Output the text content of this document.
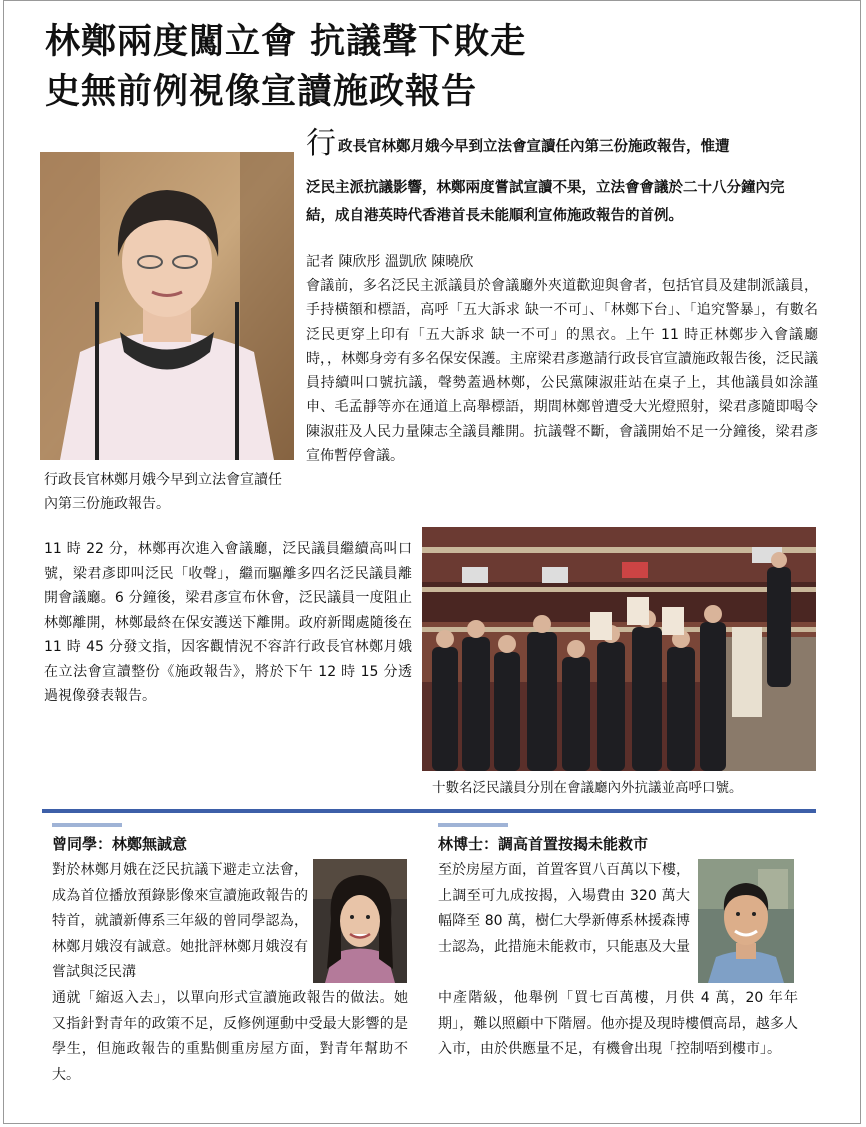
林鄭兩度闖立會 抗議聲下敗走
史無前例視像宣讀施政報告

行政長官林鄭月娥今早到立法會宣讀任內第三份施政報告，惟遭

泛民主派抗議影響，林鄭兩度嘗試宣讀不果，立法會會議於二十八分鐘內完結，成自港英時代香港首長未能順利宣佈施政報告的首例。

記者 陳欣彤 溫凱欣 陳曉欣

會議前，多名泛民主派議員於會議廳外夾道歡迎與會者，包括官員及建制派議員，手持橫額和標語，高呼「五大訴求 缺一不可」、「林鄭下台」、「追究警暴」，有數名泛民更穿上印有「五大訴求 缺一不可」的黑衣。上午 11 時正林鄭步入會議廳時，，林鄭身旁有多名保安保護。主席梁君彥邀請行政長官宣讀施政報告後，泛民議員持續叫口號抗議，聲勢蓋過林鄭，公民黨陳淑莊站在桌子上，其他議員如涂謹申、毛孟靜等亦在通道上高舉標語，期間林鄭曾遭受大光燈照射，梁君彥隨即喝令陳淑莊及人民力量陳志全議員離開。抗議聲不斷，會議開始不足一分鐘後，梁君彥宣佈暫停會議。

行政長官林鄭月娥今早到立法會宣讀任內第三份施政報告。

11 時 22 分，林鄭再次進入會議廳，泛民議員繼續高叫口號，梁君彥即叫泛民「收聲」，繼而驅離多四名泛民議員離開會議廳。6 分鐘後，梁君彥宣布休會，泛民議員一度阻止林鄭離開，林鄭最終在保安護送下離開。政府新聞處隨後在 11 時 45 分發文指，因客觀情況不容許行政長官林鄭月娥在立法會宣讀整份《施政報告》，將於下午 12 時 15 分透過視像發表報告。

十數名泛民議員分別在會議廳內外抗議並高呼口號。
曾同學：林鄭無誠意

對於林鄭月娥在泛民抗議下避走立法會，成為首位播放預錄影像來宣讀施政報告的特首，就讀新傳系三年級的曾同學認為，林鄭月娥沒有誠意。她批評林鄭月娥沒有嘗試與泛民溝

通就「縮返入去」，以單向形式宣讀施政報告的做法。她又指針對青年的政策不足，反修例運動中受最大影響的是學生，但施政報告的重點側重房屋方面，對青年幫助不大。

林博士：調高首置按揭未能救市

至於房屋方面，首置客買八百萬以下樓，上調至可九成按揭，入場費由 320 萬大幅降至 80 萬，樹仁大學新傳系林援森博士認為，此措施未能救市，只能惠及大量

中產階級，他舉例「買七百萬樓，月供 4 萬，20 年年期」，難以照顧中下階層。他亦提及現時樓價高昂，越多人入市，由於供應量不足，有機會出現「控制唔到樓市」。
